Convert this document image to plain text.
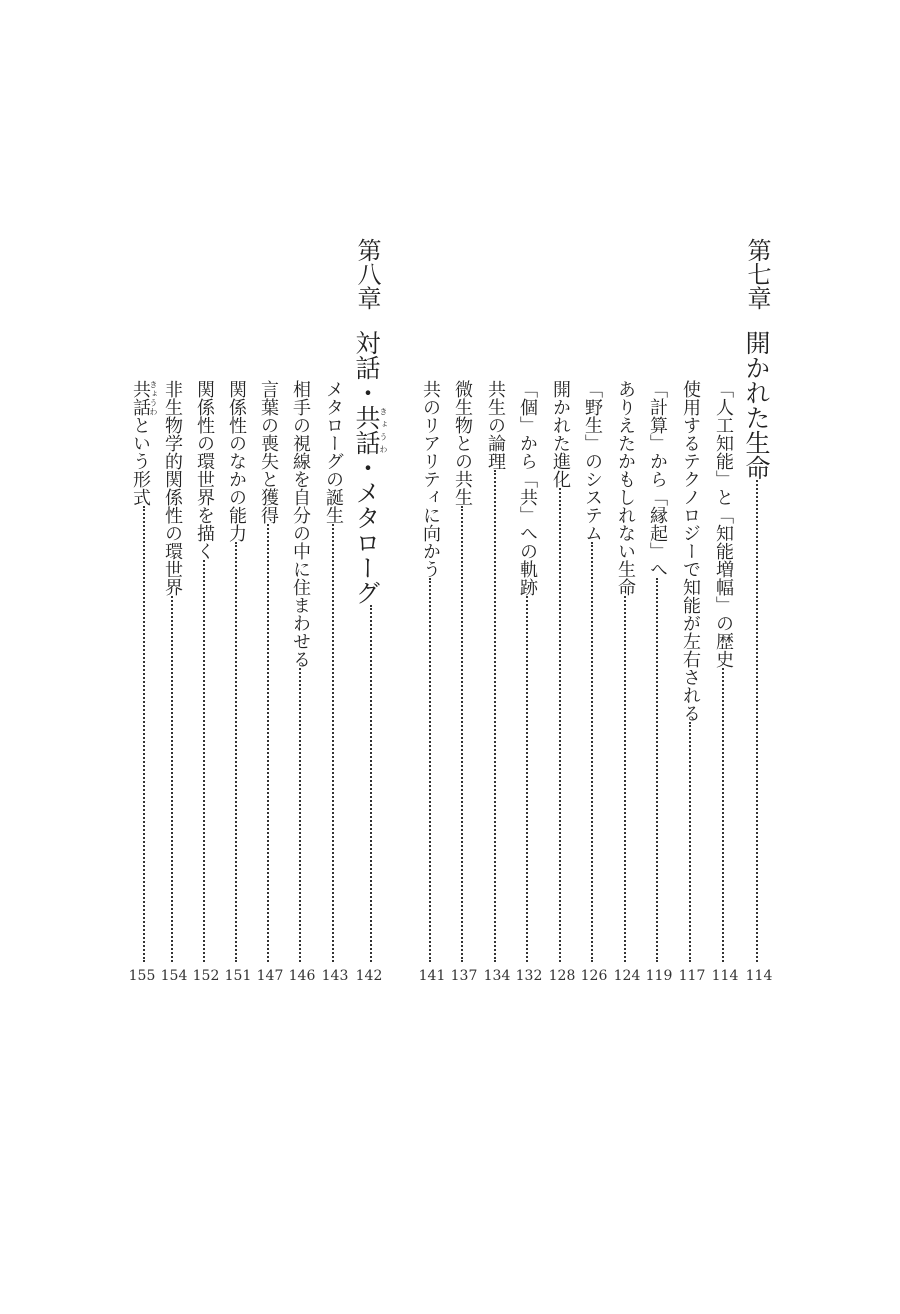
第七章
開かれた生命
114
「人工知能」と「知能増幅」の歴史
114
使用するテクノロジーで知能が左右される
117
「計算」から「縁起」へ
119
ありえたかもしれない生命
124
「野生」のシステム
126
開かれた進化
128
「個」から「共」への軌跡
132
共生の論理
134
微生物との共生
137
共のリアリティに向かう
141
第八章
対話・共話きょうわ・メタローグ
142
メタローグの誕生
143
相手の視線を自分の中に住まわせる
146
言葉の喪失と獲得
147
関係性のなかの能力
151
関係性の環世界を描く
152
非生物学的関係性の環世界
154
共話きょうわという形式
155
